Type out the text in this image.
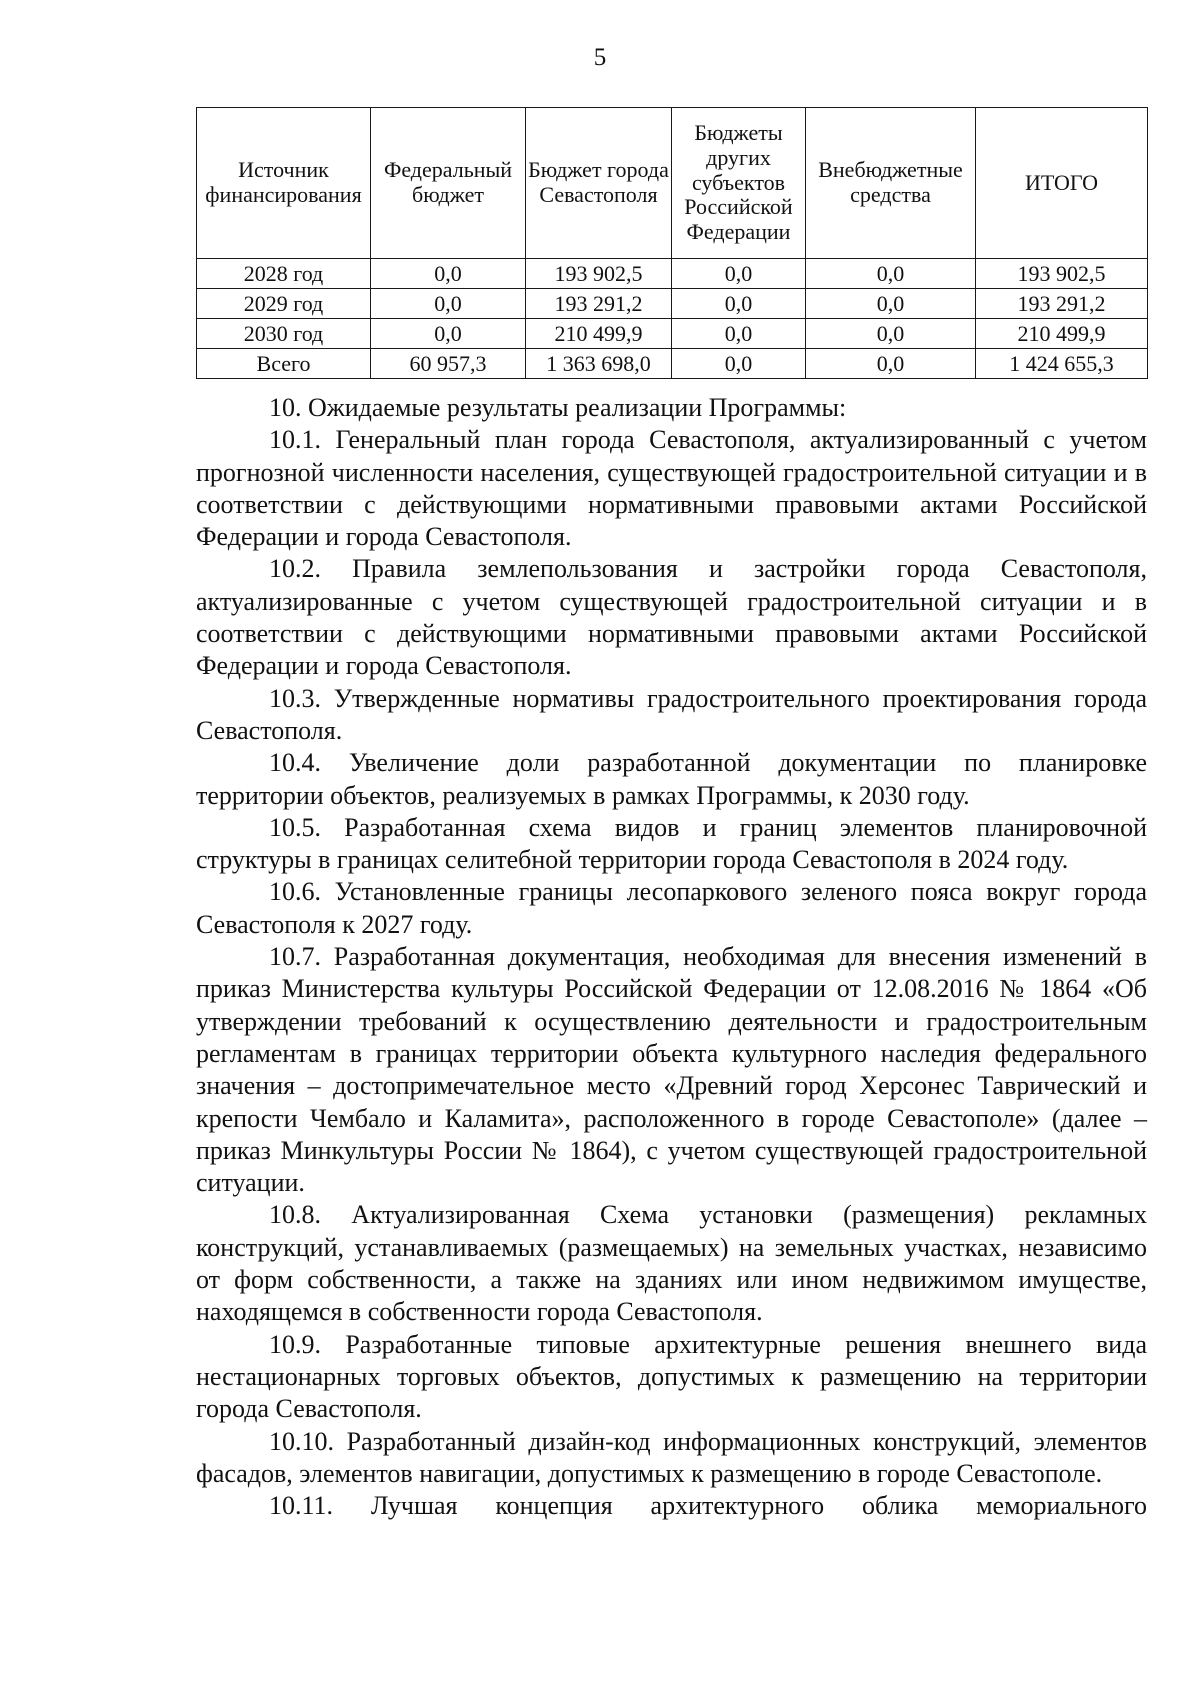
5
Источник финансирования	Федеральный бюджет	Бюджет города Севастополя	Бюджеты других субъектов Российской Федерации	Внебюджетные средства	ИТОГО
2028 год	0,0	193 902,5	0,0	0,0	193 902,5
2029 год	0,0	193 291,2	0,0	0,0	193 291,2
2030 год	0,0	210 499,9	0,0	0,0	210 499,9
Всего	60 957,3	1 363 698,0	0,0	0,0	1 424 655,3

10. Ожидаемые результаты реализации Программы:

10.1. Генеральный план города Севастополя, актуализированный с учетом прогнозной численности населения, существующей градостроительной ситуации и в соответствии с действующими нормативными правовыми актами Российской Федерации и города Севастополя.

10.2. Правила землепользования и застройки города Севастополя, актуализированные с учетом существующей градостроительной ситуации и в соответствии с действующими нормативными правовыми актами Российской Федерации и города Севастополя.

10.3. Утвержденные нормативы градостроительного проектирования города Севастополя.

10.4. Увеличение доли разработанной документации по планировке территории объектов, реализуемых в рамках Программы, к 2030 году.

10.5. Разработанная схема видов и границ элементов планировочной структуры в границах селитебной территории города Севастополя в 2024 году.

10.6. Установленные границы лесопаркового зеленого пояса вокруг города Севастополя к 2027 году.

10.7. Разработанная документация, необходимая для внесения изменений в приказ Министерства культуры Российской Федерации от 12.08.2016 № 1864 «Об утверждении требований к осуществлению деятельности и градостроительным регламентам в границах территории объекта культурного наследия федерального значения – достопримечательное место «Древний город Херсонес Таврический и крепости Чембало и Каламита», расположенного в городе Севастополе» (далее – приказ Минкультуры России № 1864), с учетом существующей градостроительной ситуации.

10.8. Актуализированная Схема установки (размещения) рекламных конструкций, устанавливаемых (размещаемых) на земельных участках, независимо от форм собственности, а также на зданиях или ином недвижимом имуществе, находящемся в собственности города Севастополя.

10.9. Разработанные типовые архитектурные решения внешнего вида нестационарных торговых объектов, допустимых к размещению на территории города Севастополя.

10.10. Разработанный дизайн-код информационных конструкций, элементов фасадов, элементов навигации, допустимых к размещению в городе Севастополе.

10.11. Лучшая концепция архитектурного облика мемориального
